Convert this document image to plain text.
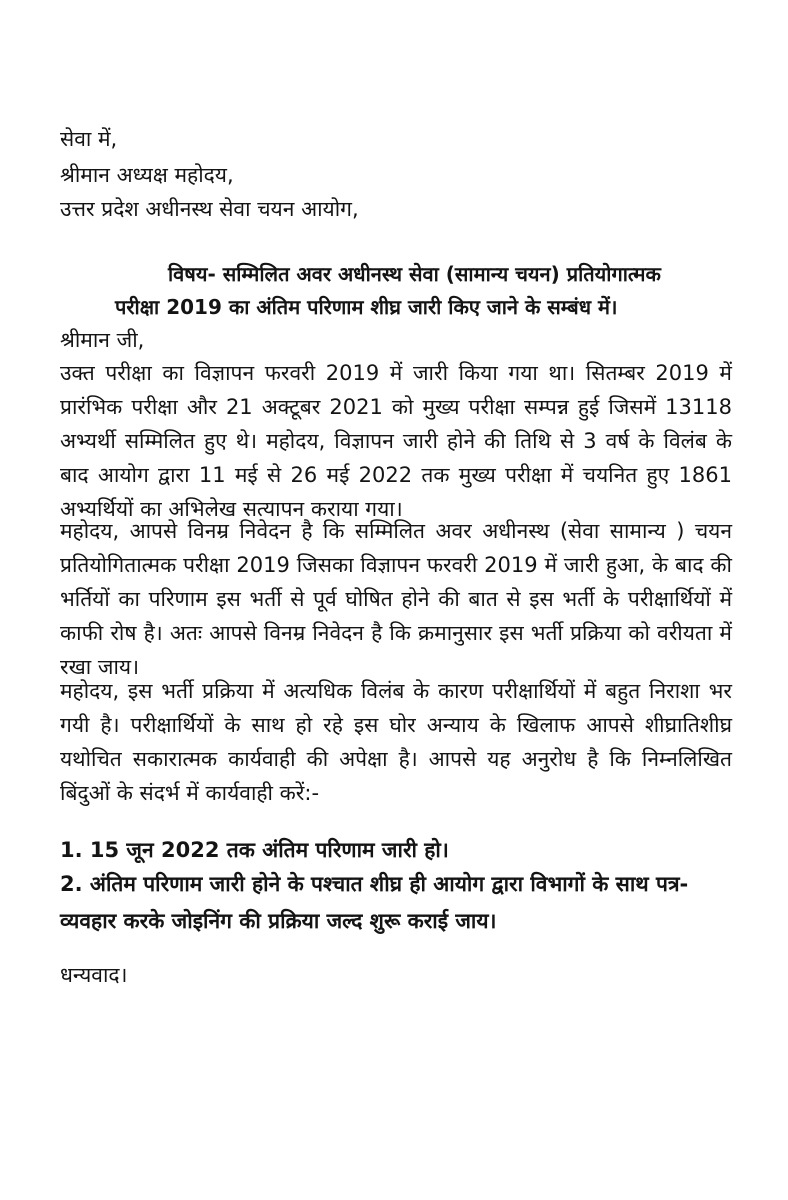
सेवा में,

श्रीमान अध्यक्ष महोदय,

उत्तर प्रदेश अधीनस्थ सेवा चयन आयोग,

विषय- सम्मिलित अवर अधीनस्थ सेवा (सामान्य चयन) प्रतियोगात्मक

परीक्षा 2019 का अंतिम परिणाम शीघ्र जारी किए जाने के सम्बंध में।

श्रीमान जी,

उक्त परीक्षा का विज्ञापन फरवरी 2019 में जारी किया गया था। सितम्बर 2019 में प्रारंभिक परीक्षा और 21 अक्टूबर 2021 को मुख्य परीक्षा सम्पन्न हुई जिसमें 13118 अभ्यर्थी सम्मिलित हुए थे। महोदय, विज्ञापन जारी होने की तिथि से 3 वर्ष के विलंब के बाद आयोग द्वारा 11 मई से 26 मई 2022 तक मुख्य परीक्षा में चयनित हुए 1861 अभ्यर्थियों का अभिलेख सत्यापन कराया गया।

महोदय, आपसे विनम्र निवेदन है कि सम्मिलित अवर अधीनस्थ (सेवा सामान्य ) चयन प्रतियोगितात्मक परीक्षा 2019 जिसका विज्ञापन फरवरी 2019 में जारी हुआ, के बाद की भर्तियों का परिणाम इस भर्ती से पूर्व घोषित होने की बात से इस भर्ती के परीक्षार्थियों में काफी रोष है। अतः आपसे विनम्र निवेदन है कि क्रमानुसार इस भर्ती प्रक्रिया को वरीयता में रखा जाय।

महोदय, इस भर्ती प्रक्रिया में अत्यधिक विलंब के कारण परीक्षार्थियों में बहुत निराशा भर गयी है। परीक्षार्थियों के साथ हो रहे इस घोर अन्याय के खिलाफ आपसे शीघ्रातिशीघ्र यथोचित सकारात्मक कार्यवाही की अपेक्षा है। आपसे यह अनुरोध है कि निम्नलिखित बिंदुओं के संदर्भ में कार्यवाही करें:-

1. 15 जून 2022 तक अंतिम परिणाम जारी हो।

2. अंतिम परिणाम जारी होने के पश्चात शीघ्र ही आयोग द्वारा विभागों के साथ पत्र-व्यवहार करके जोइनिंग की प्रक्रिया जल्द शुरू कराई जाय।

धन्यवाद।
